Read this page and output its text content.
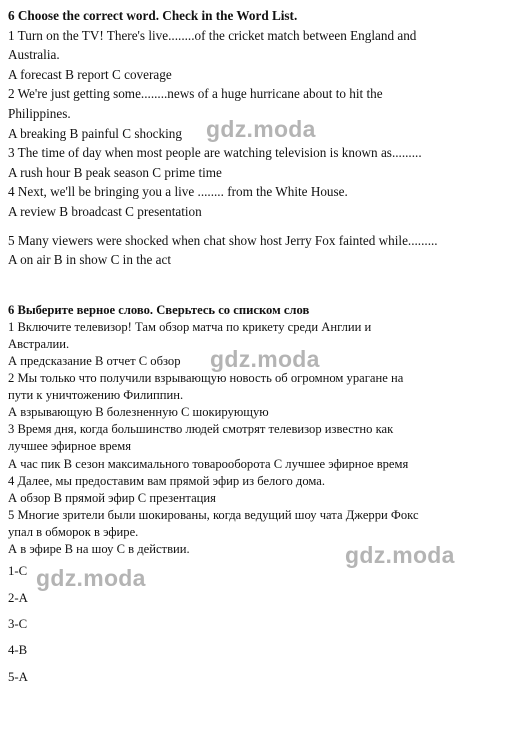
6 Choose the correct word. Check in the Word List.
1 Turn on the TV! There's live........of the cricket match between England and
Australia.
A forecast B report C coverage
2 We're just getting some........news of a huge hurricane about to hit the
Philippines.
A breaking B painful C shocking
3 The time of day when most people are watching television is known as.........
A rush hour B peak season C prime time
4 Next, we'll be bringing you a live ........ from the White House.
A review B broadcast C presentation
5 Many viewers were shocked when chat show host Jerry Fox fainted while.........
A on air B in show C in the act
6 Выберите верное слово. Сверьтесь со списком слов
1 Включите телевизор! Там обзор матча по крикету среди Англии и
Австралии.
А предсказание B отчет C обзор
2 Мы только что получили взрывающую новость об огромном урагане на
пути к уничтожению Филиппин.
А взрывающую B болезненную C шокирующую
3 Время дня, когда большинство людей смотрят телевизор известно как
лучшее эфирное время
А час пик B сезон максимального товарооборота C лучшее эфирное время
4 Далее, мы предоставим вам прямой эфир из белого дома.
А обзор B прямой эфир C презентация
5 Многие зрители были шокированы, когда ведущий шоу чата Джерри Фокс
упал в обморок в эфире.
А в эфире B на шоу C в действии.
1-C
2-A
3-C
4-B
5-A
gdz.moda
gdz.moda
gdz.moda
gdz.moda
